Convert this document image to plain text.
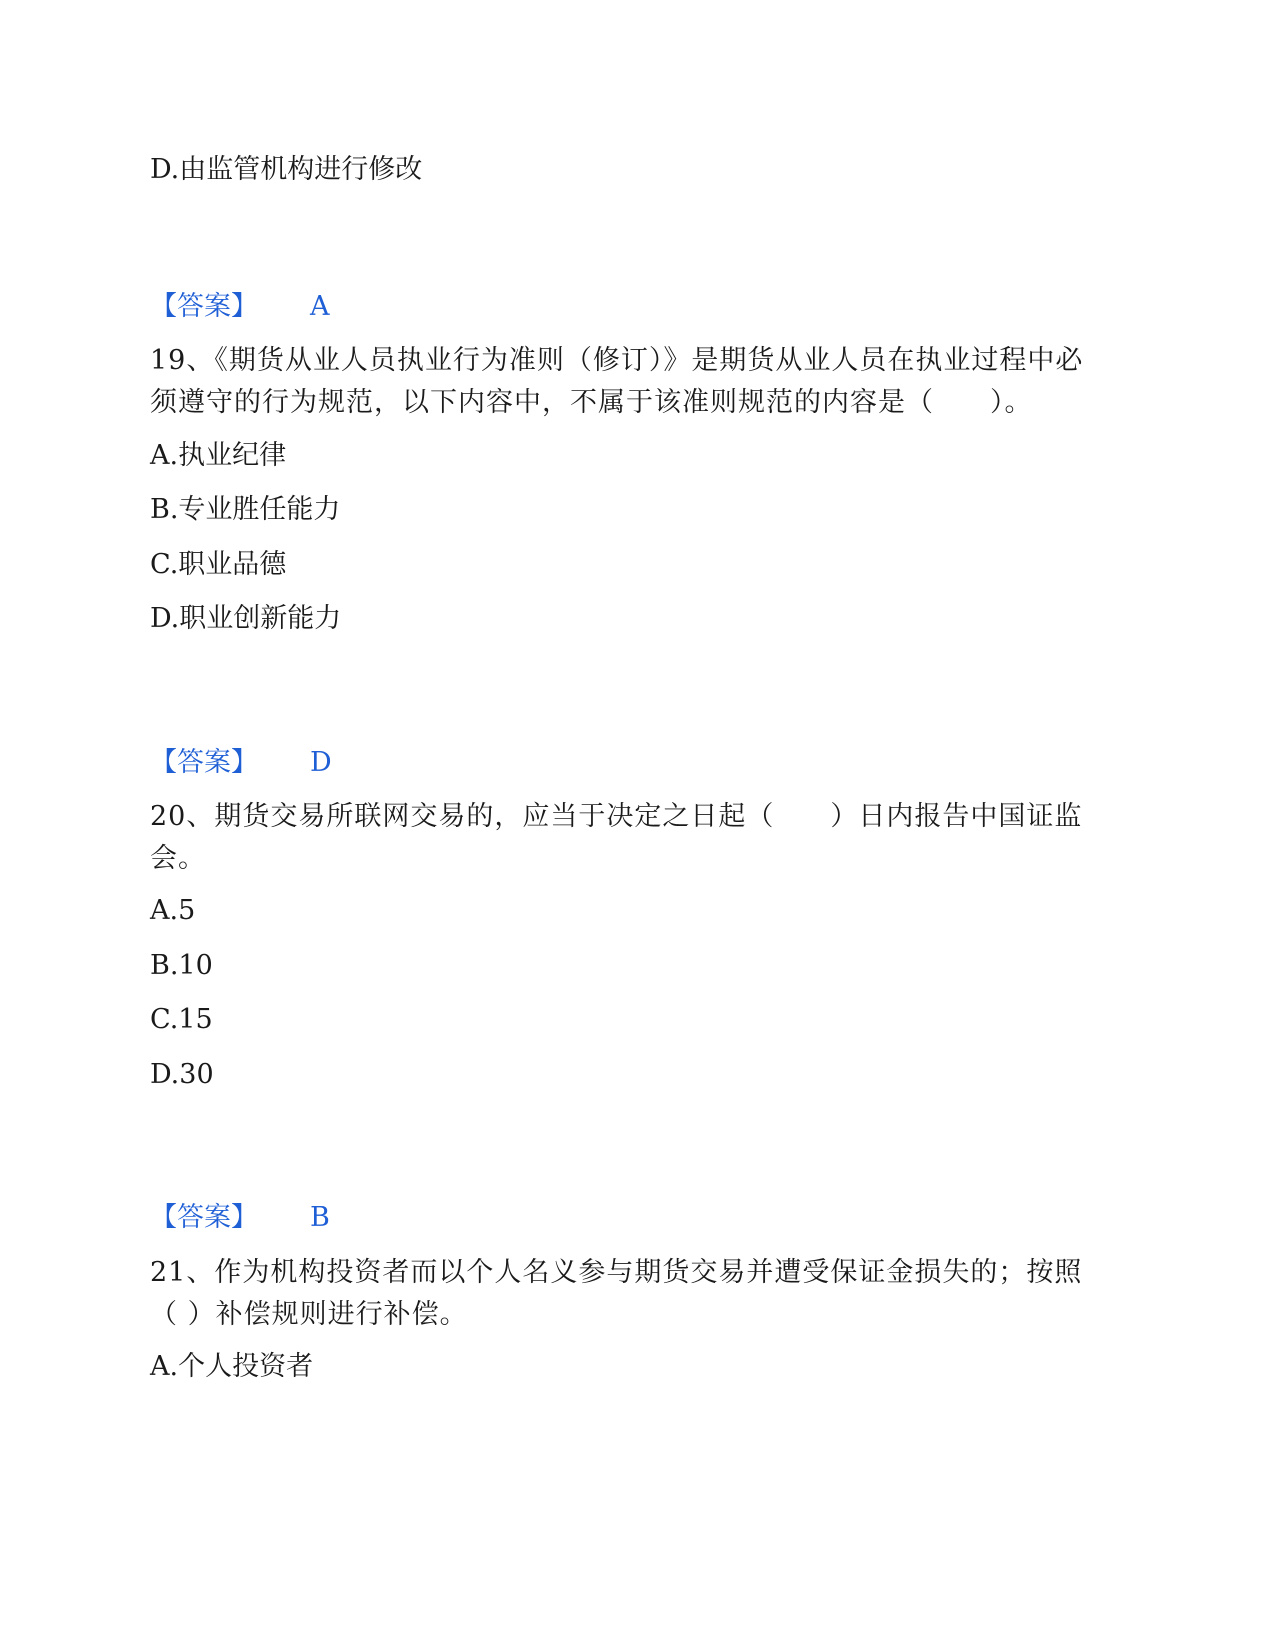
D.由监管机构进行修改
【答案】 A
19、《期货从业人员执业行为准则（修订）》是期货从业人员在执业过程中必须遵守的行为规范，以下内容中，不属于该准则规范的内容是（　　）。
A.执业纪律
B.专业胜任能力
C.职业品德
D.职业创新能力
【答案】 D
20、期货交易所联网交易的，应当于决定之日起（　　）日内报告中国证监会。
A.5
B.10
C.15
D.30
【答案】 B
21、作为机构投资者而以个人名义参与期货交易并遭受保证金损失的；按照（ ）补偿规则进行补偿。
A.个人投资者
